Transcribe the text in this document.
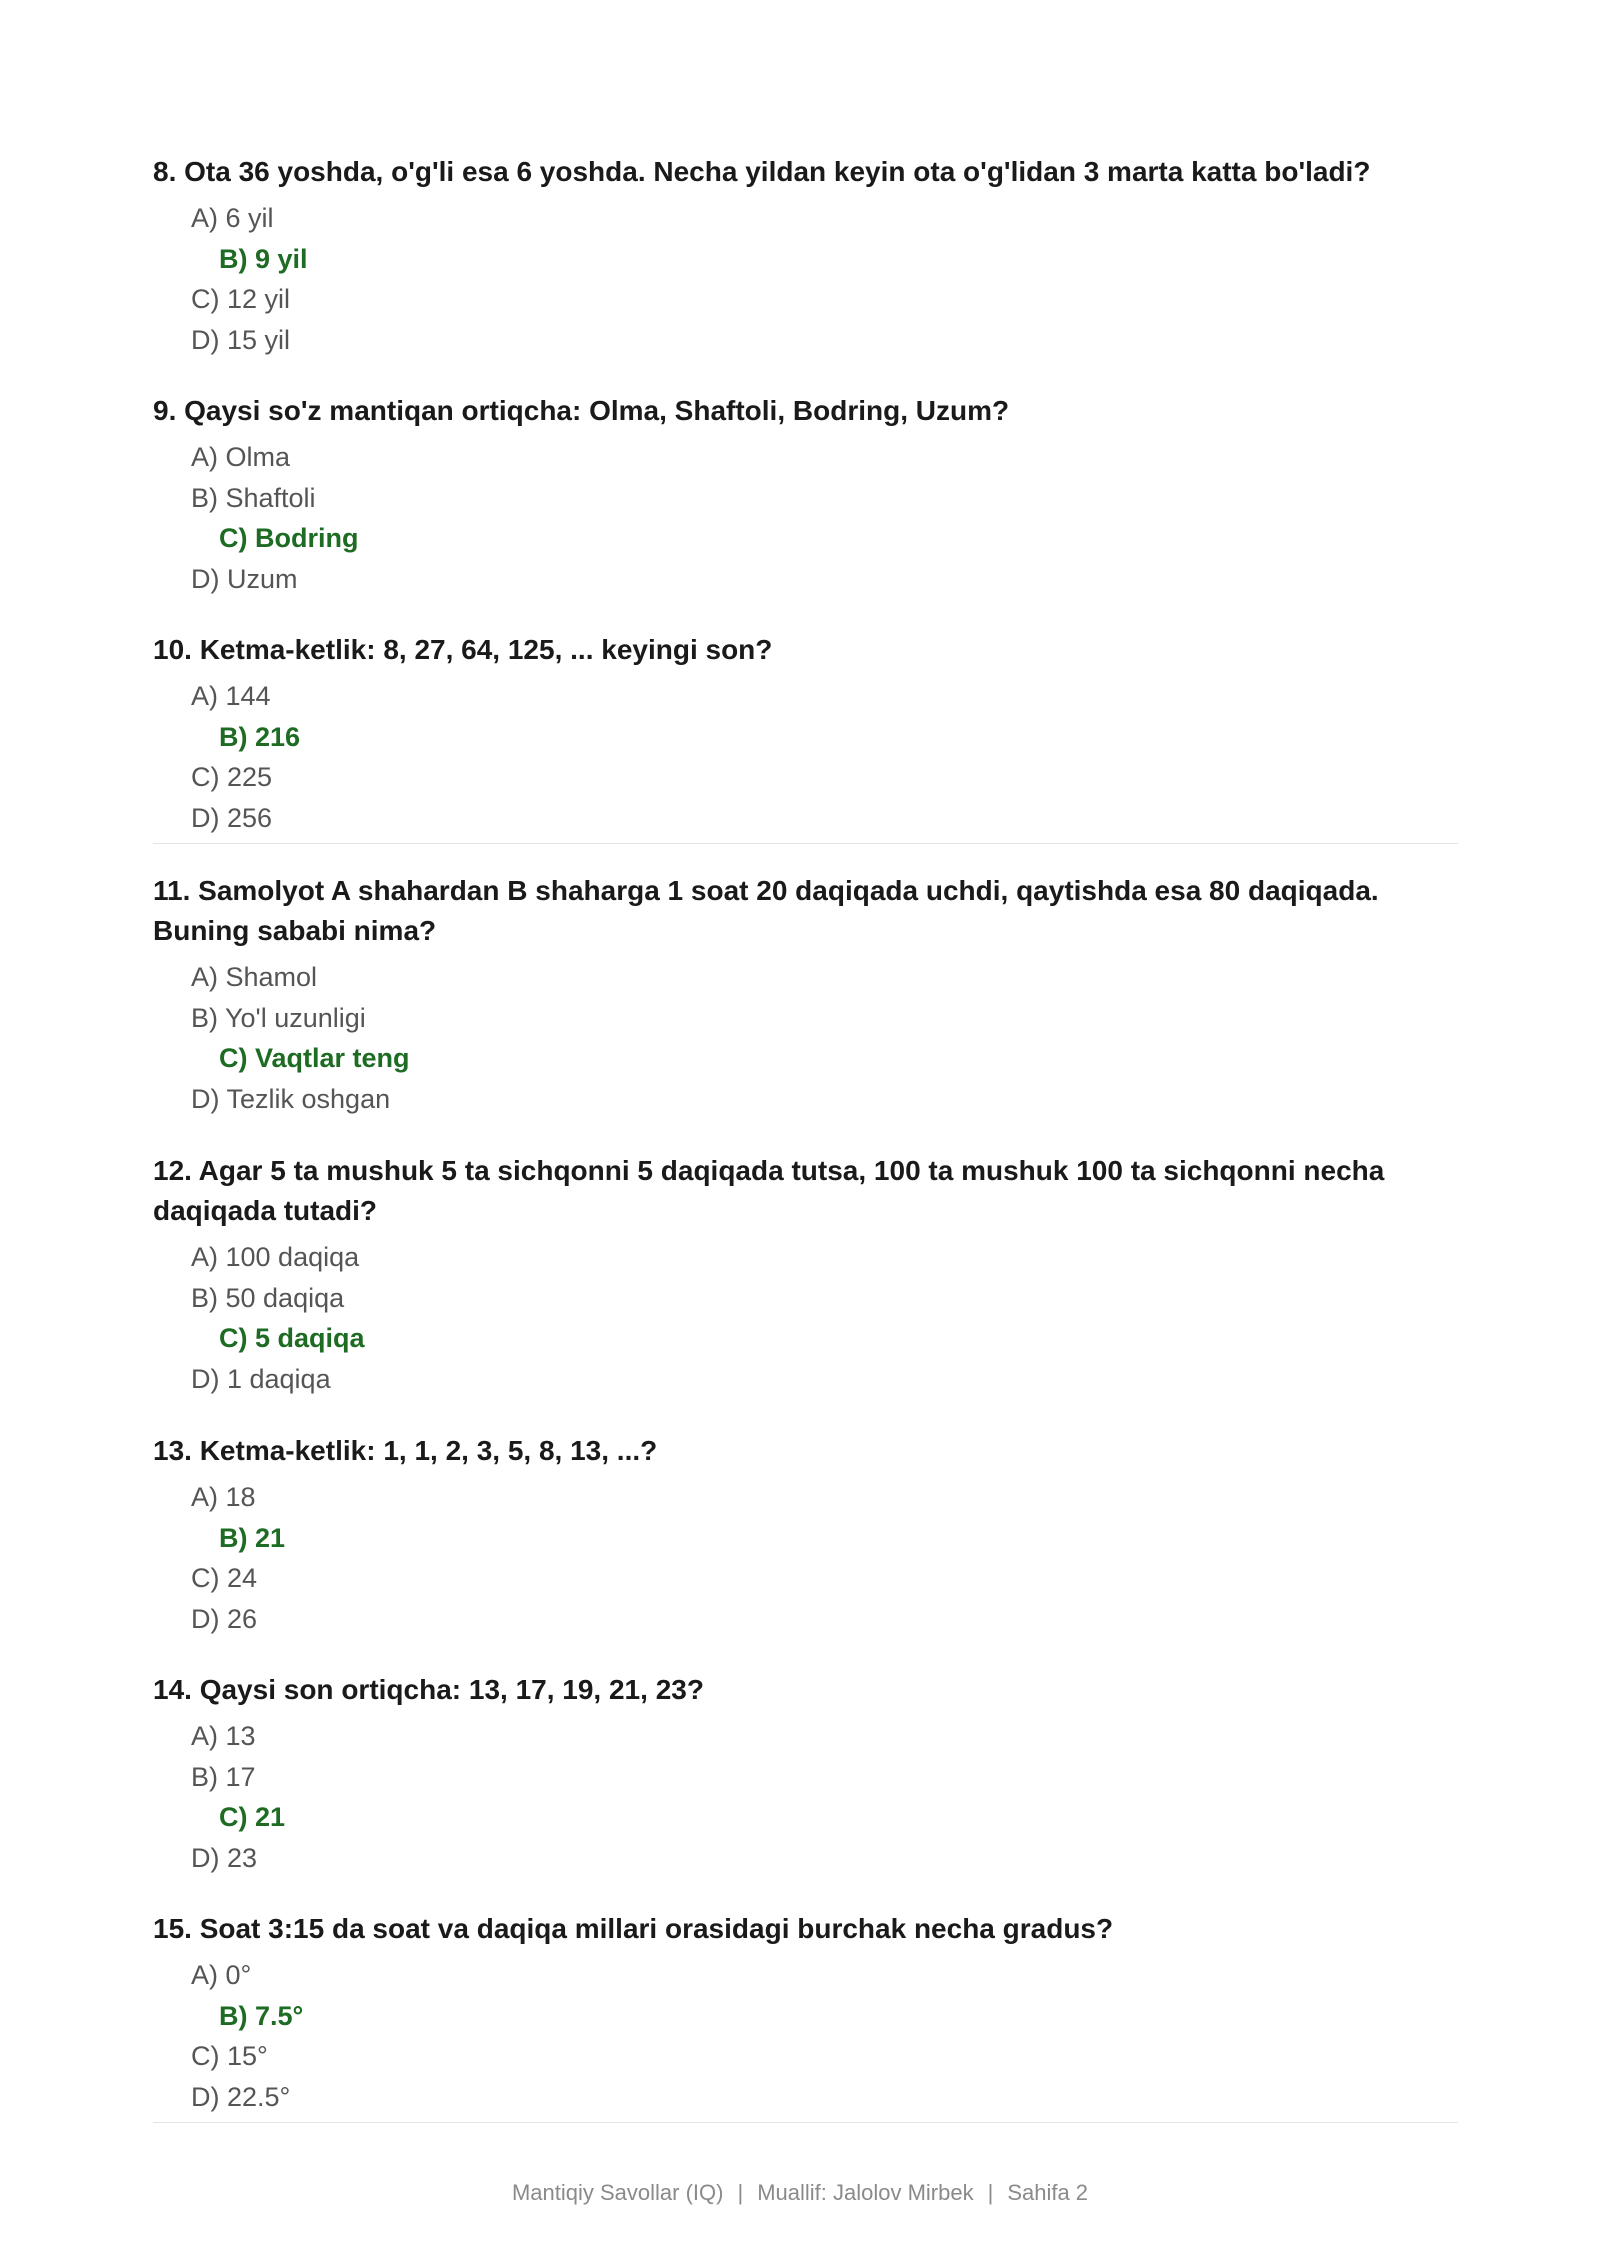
8. Ota 36 yoshda, o'g'li esa 6 yoshda. Necha yildan keyin ota o'g'lidan 3 marta katta bo'ladi?
A) 6 yil
B) 9 yil
C) 12 yil
D) 15 yil
9. Qaysi so'z mantiqan ortiqcha: Olma, Shaftoli, Bodring, Uzum?
A) Olma
B) Shaftoli
C) Bodring
D) Uzum
10. Ketma-ketlik: 8, 27, 64, 125, ... keyingi son?
A) 144
B) 216
C) 225
D) 256
11. Samolyot A shahardan B shaharga 1 soat 20 daqiqada uchdi, qaytishda esa 80 daqiqada. Buning sababi nima?
A) Shamol
B) Yo'l uzunligi
C) Vaqtlar teng
D) Tezlik oshgan
12. Agar 5 ta mushuk 5 ta sichqonni 5 daqiqada tutsa, 100 ta mushuk 100 ta sichqonni necha daqiqada tutadi?
A) 100 daqiqa
B) 50 daqiqa
C) 5 daqiqa
D) 1 daqiqa
13. Ketma-ketlik: 1, 1, 2, 3, 5, 8, 13, ...?
A) 18
B) 21
C) 24
D) 26
14. Qaysi son ortiqcha: 13, 17, 19, 21, 23?
A) 13
B) 17
C) 21
D) 23
15. Soat 3:15 da soat va daqiqa millari orasidagi burchak necha gradus?
A) 0°
B) 7.5°
C) 15°
D) 22.5°
Mantiqiy Savollar (IQ) | Muallif: Jalolov Mirbek | Sahifa 2
